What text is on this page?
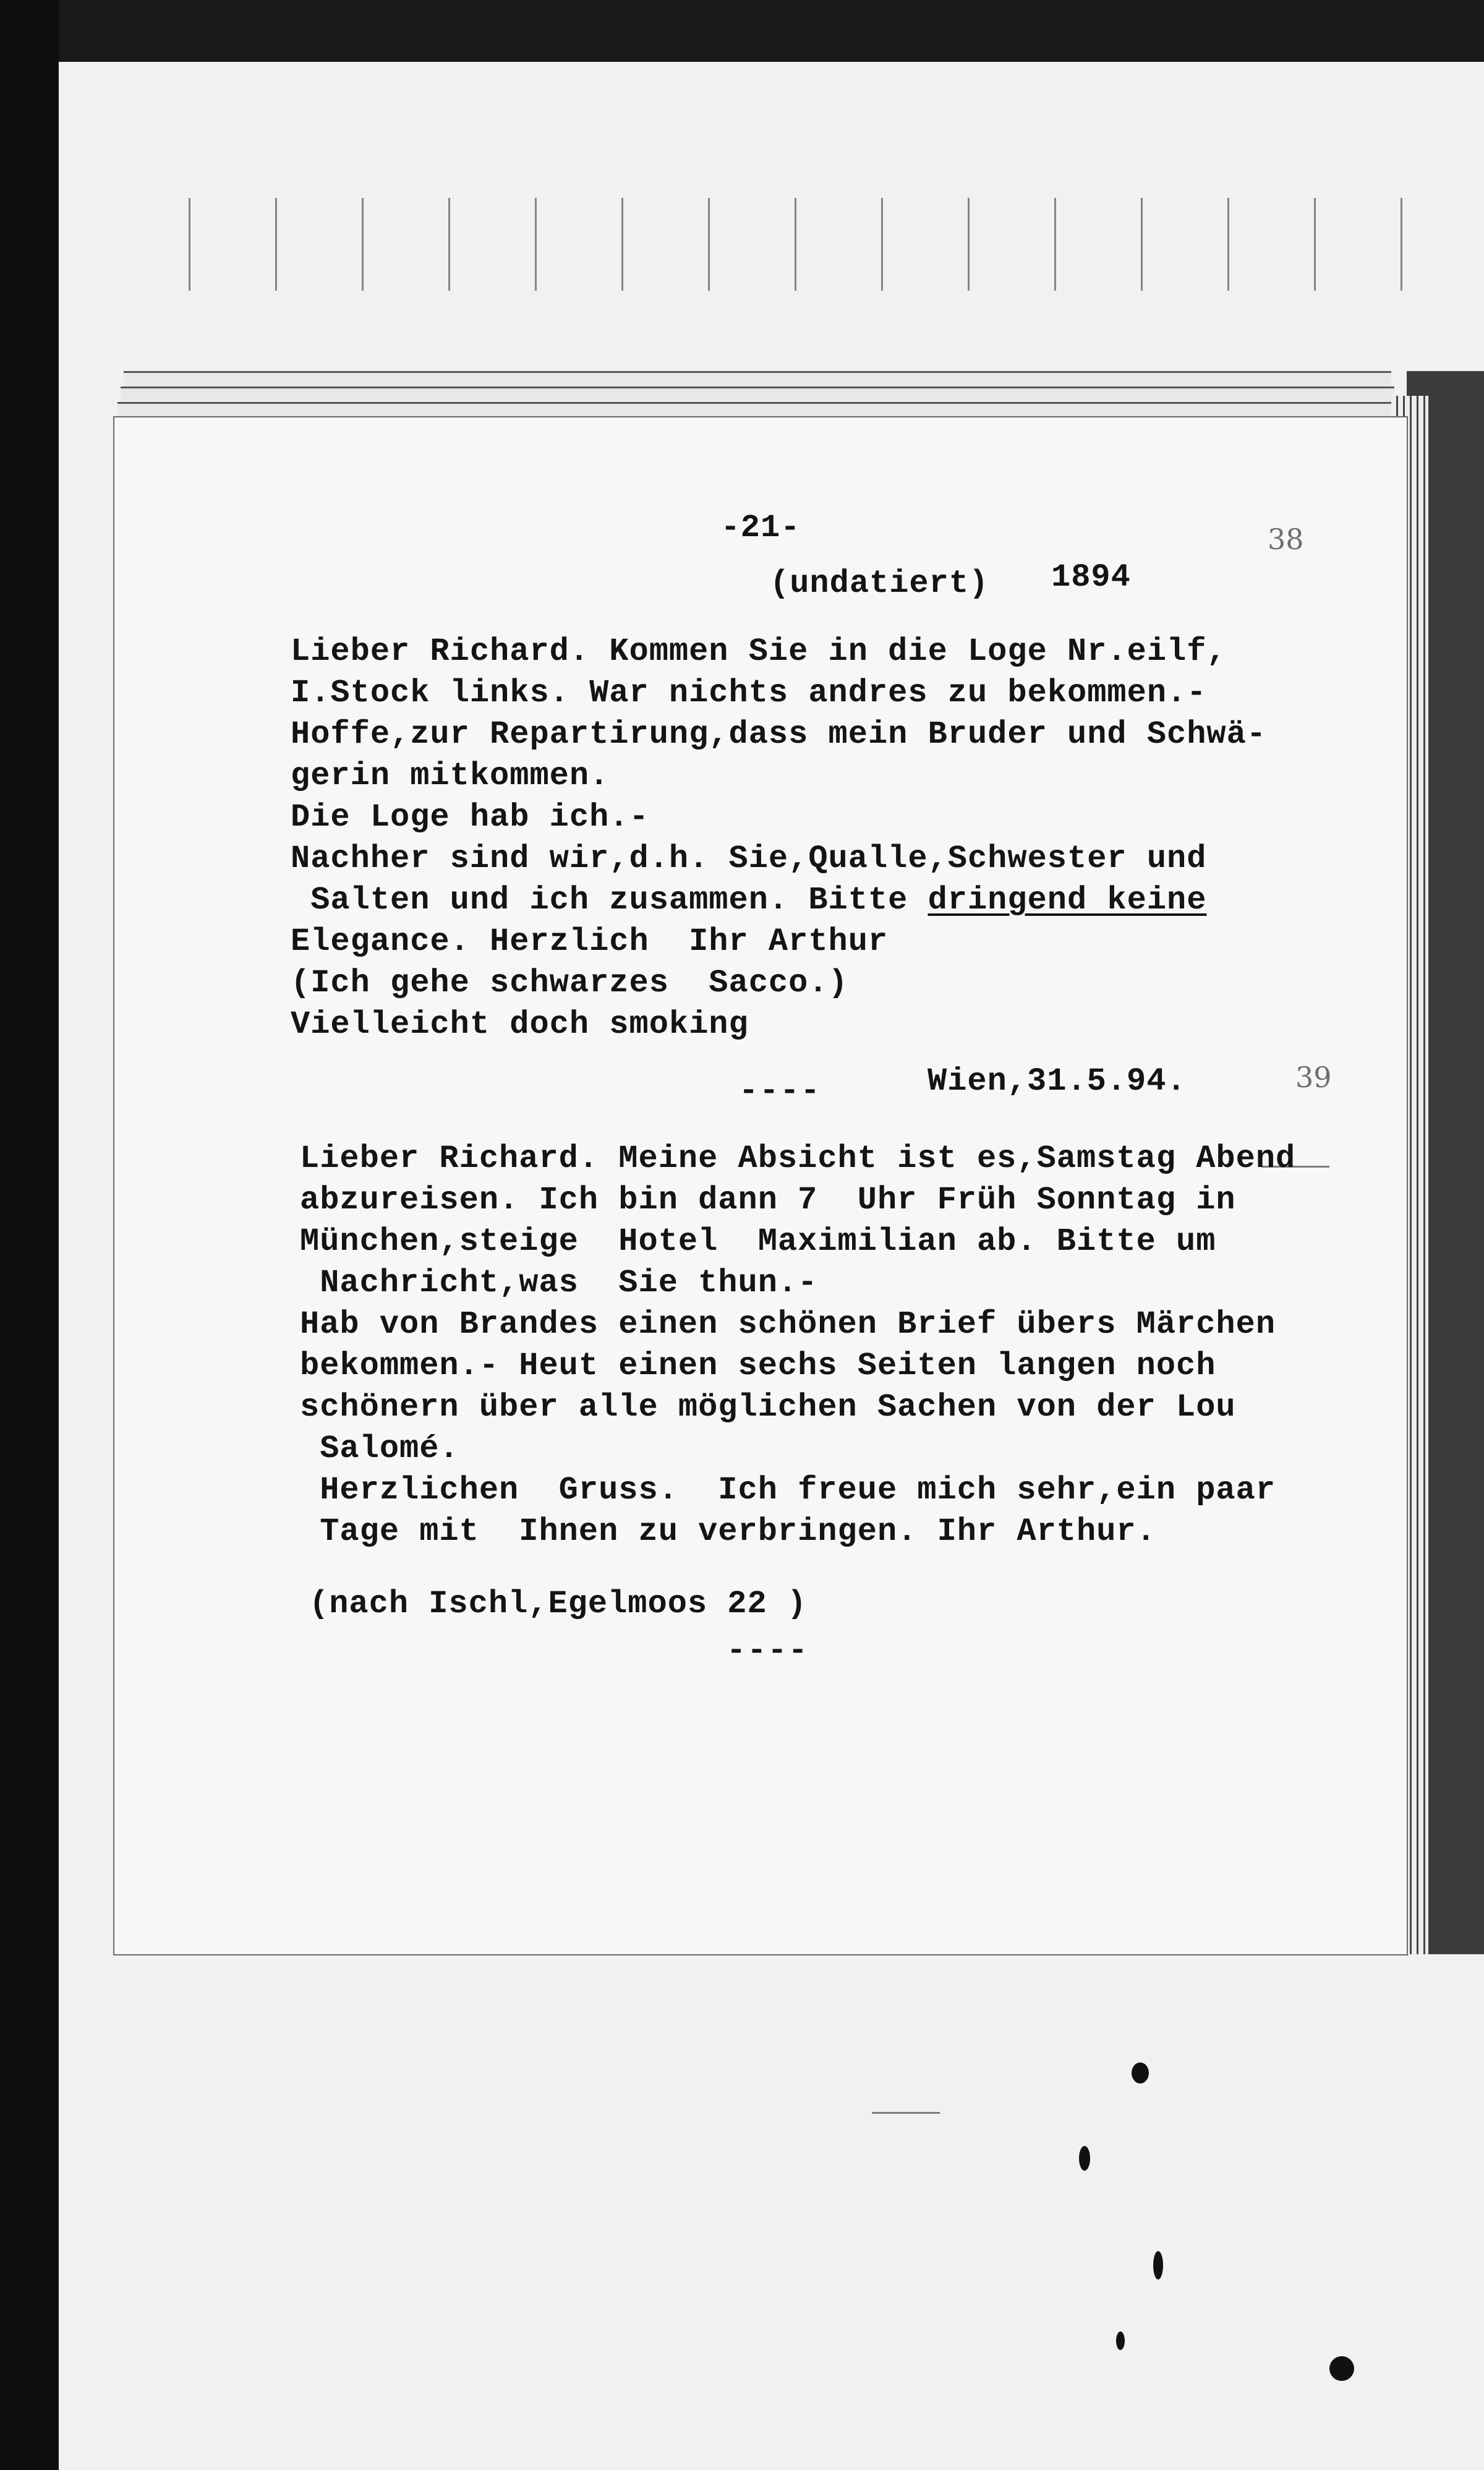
-21-	38
(undatiert) 1894
Lieber Richard. Kommen Sie in die Loge Nr.eilf,
I.Stock links. War nichts andres zu bekommen.-
Hoffe,zur Repartirung,dass mein Bruder und Schwä-
gerin mitkommen.
Die Loge hab ich.-
Nachher sind wir,d.h. Sie,Qualle,Schwester und
Salten und ich zusammen. Bitte dringend keine
Elegance. Herzlich  Ihr Arthur
(Ich gehe schwarzes  Sacco.)
Vielleicht doch smoking
----	Wien,31.5.94.	39
Lieber Richard. Meine Absicht ist es,Samstag Abend
abzureisen. Ich bin dann 7  Uhr Früh Sonntag in
München,steige  Hotel  Maximilian ab. Bitte um
Nachricht,was  Sie thun.-
Hab von Brandes einen schönen Brief übers Märchen
bekommen.- Heut einen sechs Seiten langen noch
schönern über alle möglichen Sachen von der Lou
Salomé.
Herzlichen  Gruss.  Ich freue mich sehr,ein paar
Tage mit  Ihnen zu verbringen. Ihr Arthur.
(nach Ischl,Egelmoos 22 )
----
